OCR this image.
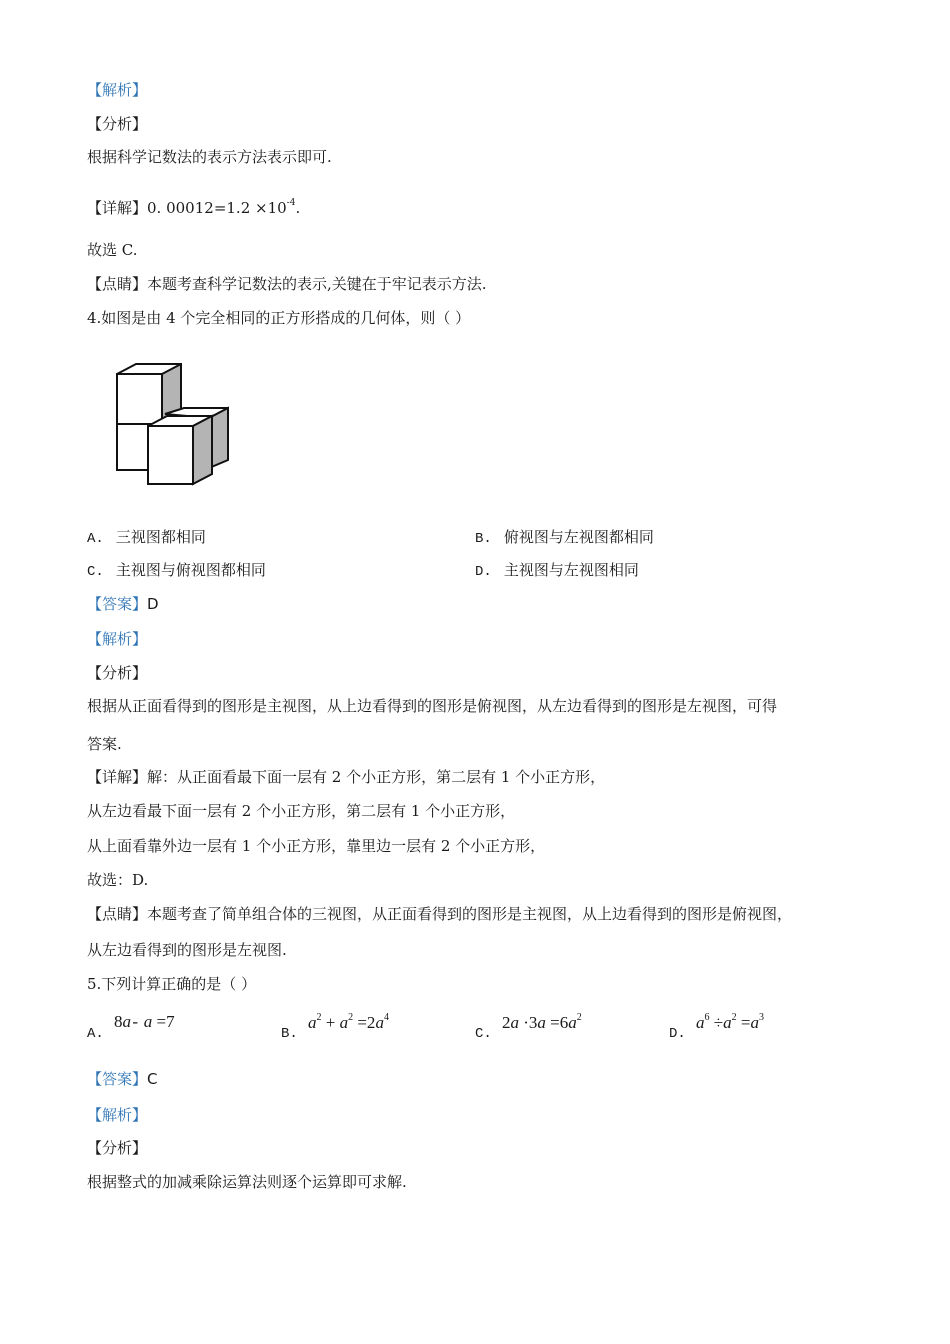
【解析】
【分析】
根据科学记数法的表示方法表示即可.
【详解】0. $00012=1.2 \times 10^{-4}$.
故选 C.
【点睛】本题考查科学记数法的表示,关键在于牢记表示方法.
4.如图是由 4 个完全相同的正方形搭成的几何体，则（ ）
A. 三视图都相同	B. 俯视图与左视图都相同
C. 主视图与俯视图都相同	D. 主视图与左视图相同
【答案】D
【解析】
【分析】
根据从正面看得到的图形是主视图，从上边看得到的图形是俯视图，从左边看得到的图形是左视图，可得
答案.
【详解】解：从正面看最下面一层有 2 个小正方形，第二层有 1 个小正方形，
从左边看最下面一层有 2 个小正方形，第二层有 1 个小正方形，
从上面看靠外边一层有 1 个小正方形，靠里边一层有 2 个小正方形，
故选：D.
【点睛】本题考查了简单组合体的三视图，从正面看得到的图形是主视图，从上边看得到的图形是俯视图，
从左边看得到的图形是左视图.
5.下列计算正确的是（ ）
A.
8a -  a =7
B.
$a^2 + a^2 =2a^4$
C.
$2a \cdot 3a =6a^2$
D.
$a^6 \div a^2 =a^3$
【答案】C
【解析】
【分析】
根据整式的加减乘除运算法则逐个运算即可求解.
